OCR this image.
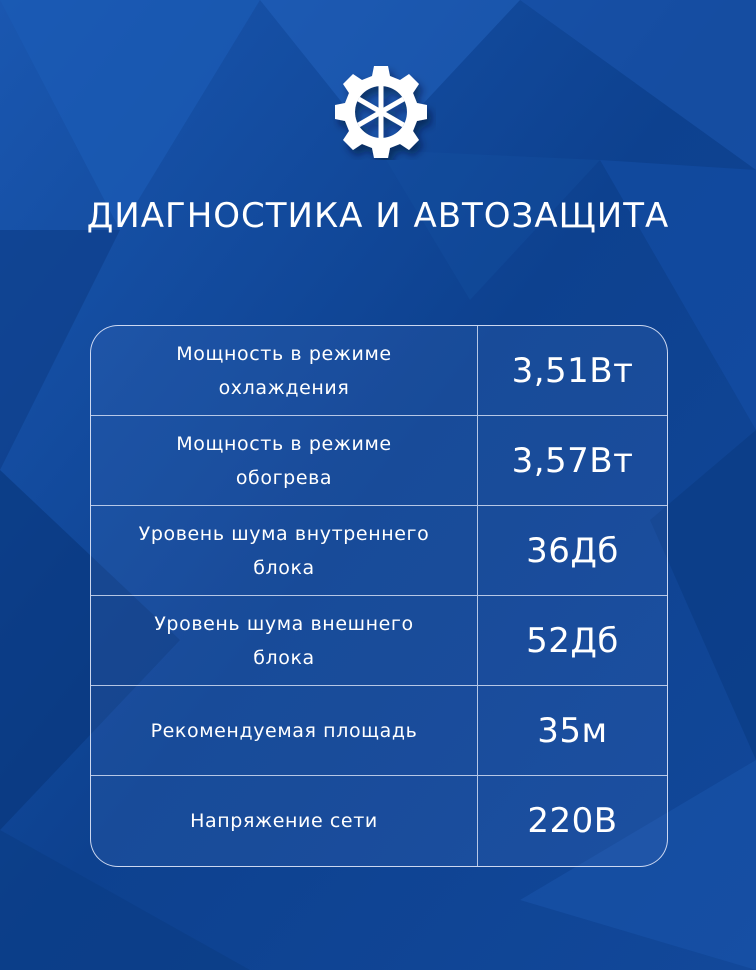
ДИАГНОСТИКА И АВТОЗАЩИТА
Мощность в режиме
охлаждения	3,51Вт
Мощность в режиме
обогрева	3,57Вт
Уровень шума внутреннего
блока	36Дб
Уровень шума внешнего
блока	52Дб
Рекомендуемая площадь	35м
Напряжение сети	220В
